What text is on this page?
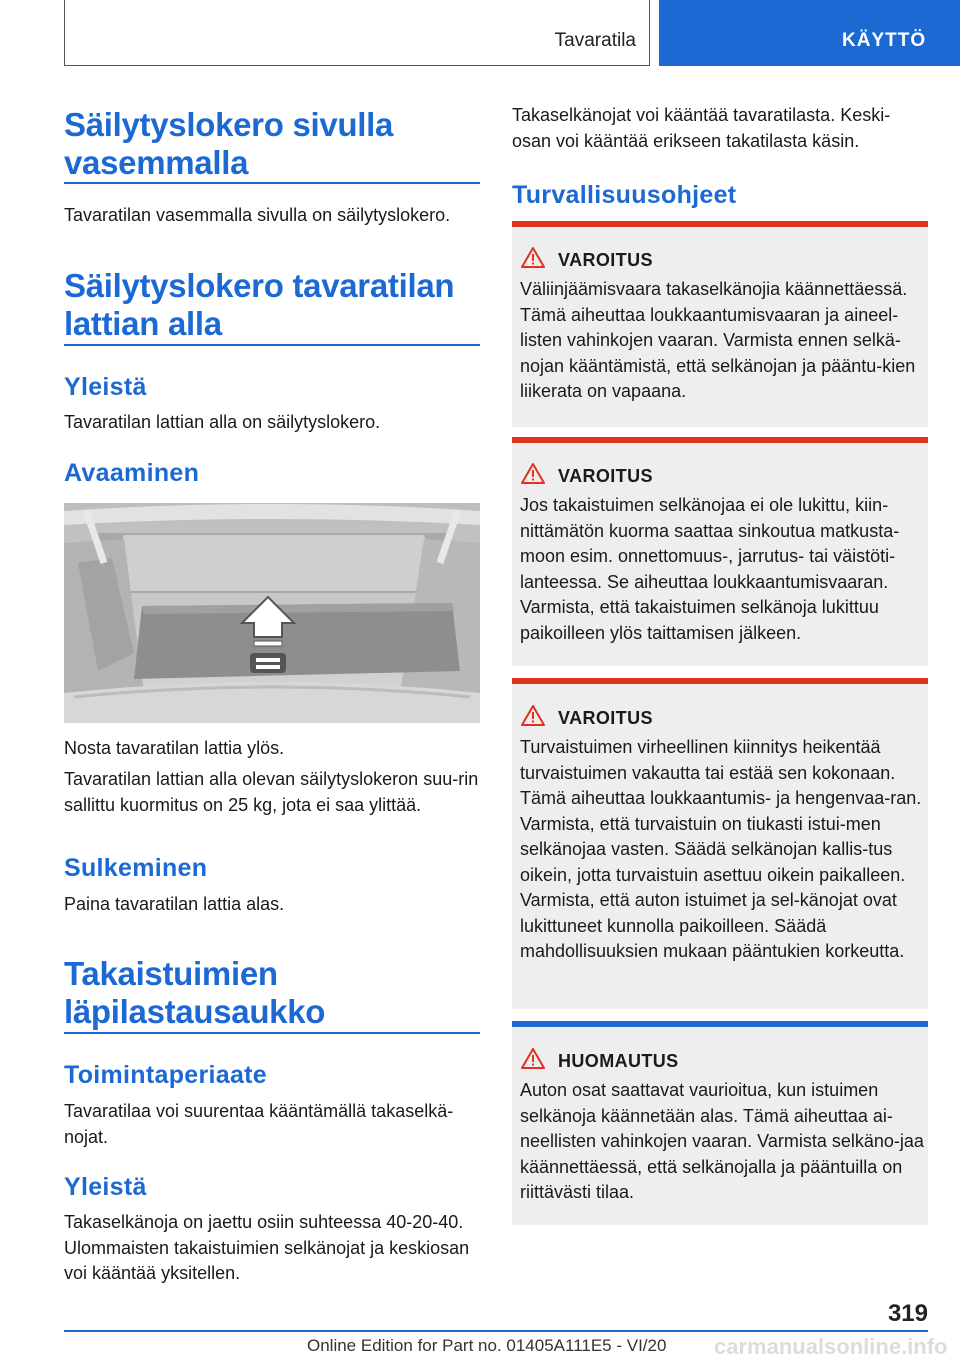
Tavaratila	KÄYTTÖ
Säilytyslokero sivulla vasemmalla
Tavaratilan vasemmalla sivulla on säilytyslokero.
Säilytyslokero tavaratilan lattian alla
Yleistä
Tavaratilan lattian alla on säilytyslokero.
Avaaminen
Nosta tavaratilan lattia ylös.
Tavaratilan lattian alla olevan säilytyslokeron suu-rin sallittu kuormitus on 25 kg, jota ei saa ylittää.
Sulkeminen
Paina tavaratilan lattia alas.
Takaistuimien läpilastausaukko
Toimintaperiaate
Tavaratilaa voi suurentaa kääntämällä takaselkä-nojat.
Yleistä
Takaselkänoja on jaettu osiin suhteessa 40-20-40. Ulommaisten takaistuimien selkänojat ja keskiosan voi kääntää yksitellen.
Takaselkänojat voi kääntää tavaratilasta. Keski-osan voi kääntää erikseen takatilasta käsin.
Turvallisuusohjeet
VAROITUS
Väliinjäämisvaara takaselkänojia käännettäessä. Tämä aiheuttaa loukkaantumisvaaran ja aineel-listen vahinkojen vaaran. Varmista ennen selkä-nojan kääntämistä, että selkänojan ja pääntu-kien liikerata on vapaana.
VAROITUS
Jos takaistuimen selkänojaa ei ole lukittu, kiin-nittämätön kuorma saattaa sinkoutua matkusta-moon esim. onnettomuus-, jarrutus- tai väistöti-lanteessa. Se aiheuttaa loukkaantumisvaaran. Varmista, että takaistuimen selkänoja lukittuu paikoilleen ylös taittamisen jälkeen.
VAROITUS
Turvaistuimen virheellinen kiinnitys heikentää turvaistuimen vakautta tai estää sen kokonaan. Tämä aiheuttaa loukkaantumis- ja hengenvaa-ran. Varmista, että turvaistuin on tiukasti istui-men selkänojaa vasten. Säädä selkänojan kallis-tus oikein, jotta turvaistuin asettuu oikein paikalleen. Varmista, että auton istuimet ja sel-känojat ovat lukittuneet kunnolla paikoilleen. Säädä mahdollisuuksien mukaan pääntukien korkeutta.
HUOMAUTUS
Auton osat saattavat vaurioitua, kun istuimen selkänoja käännetään alas. Tämä aiheuttaa ai-neellisten vahinkojen vaaran. Varmista selkäno-jaa käännettäessä, että selkänojalla ja pääntuilla on riittävästi tilaa.
319
Online Edition for Part no. 01405A111E5 - VI/20 carmanualsonline.info
